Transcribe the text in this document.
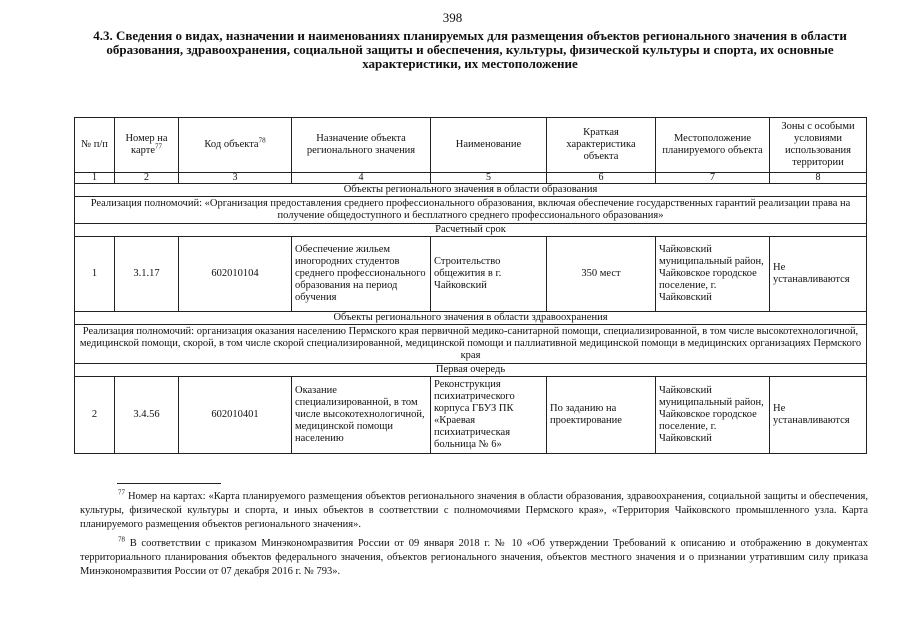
398
4.3. Сведения о видах, назначении и наименованиях планируемых для размещения объектов регионального значения в области образования, здравоохранения, социальной защиты и обеспечения, культуры, физической культуры и спорта, их основные характеристики, их местоположение
№ п/п	Номер на карте$^{77}$	Код объекта$^{78}$	Назначение объекта регионального значения	Наименование	Краткая характеристика объекта	Местоположение планируемого объекта	Зоны с особыми условиями использования территории
1	2	3	4	5	6	7	8
Объекты регионального значения в области образования							
Реализация полномочий: «Организация предоставления среднего профессионального образования, включая обеспечение государственных гарантий реализации права на получение общедоступного и бесплатного среднего профессионального образования»							
Расчетный срок							
1	3.1.17	602010104	Обеспечение жильем иногородних студентов среднего профессионального образования на период обучения	Строительство общежития в г. Чайковский	350 мест	Чайковский муниципальный район, Чайковское городское поселение, г. Чайковский	Не устанавливаются
Объекты регионального значения в области здравоохранения							
Реализация полномочий: организация оказания населению Пермского края первичной медико-санитарной помощи, специализированной, в том числе высокотехнологичной, медицинской помощи, скорой, в том числе скорой специализированной, медицинской помощи и паллиативной медицинской помощи в медицинских организациях Пермского края							
Первая очередь							
2	3.4.56	602010401	Оказание специализированной, в том числе высокотехнологичной, медицинской помощи населению	Реконструкция психиатрического корпуса ГБУЗ ПК «Краевая психиатрическая больница № 6»	По заданию на проектирование	Чайковский муниципальный район, Чайковское городское поселение, г. Чайковский	Не устанавливаются

$^{77}$ Номер на картах: «Карта планируемого размещения объектов регионального значения в области образования, здравоохранения, социальной защиты и обеспечения, культуры, физической культуры и спорта, и иных объектов в соответствии с полномочиями Пермского края», «Территория Чайковского промышленного узла. Карта планируемого размещения объектов регионального значения».

$^{78}$ В соответствии с приказом Минэкономразвития России от 09 января 2018 г. № 10 «Об утверждении Требований к описанию и отображению в документах территориального планирования объектов федерального значения, объектов регионального значения, объектов местного значения и о признании утратившим силу приказа Минэкономразвития России от 07 декабря 2016 г. № 793».
